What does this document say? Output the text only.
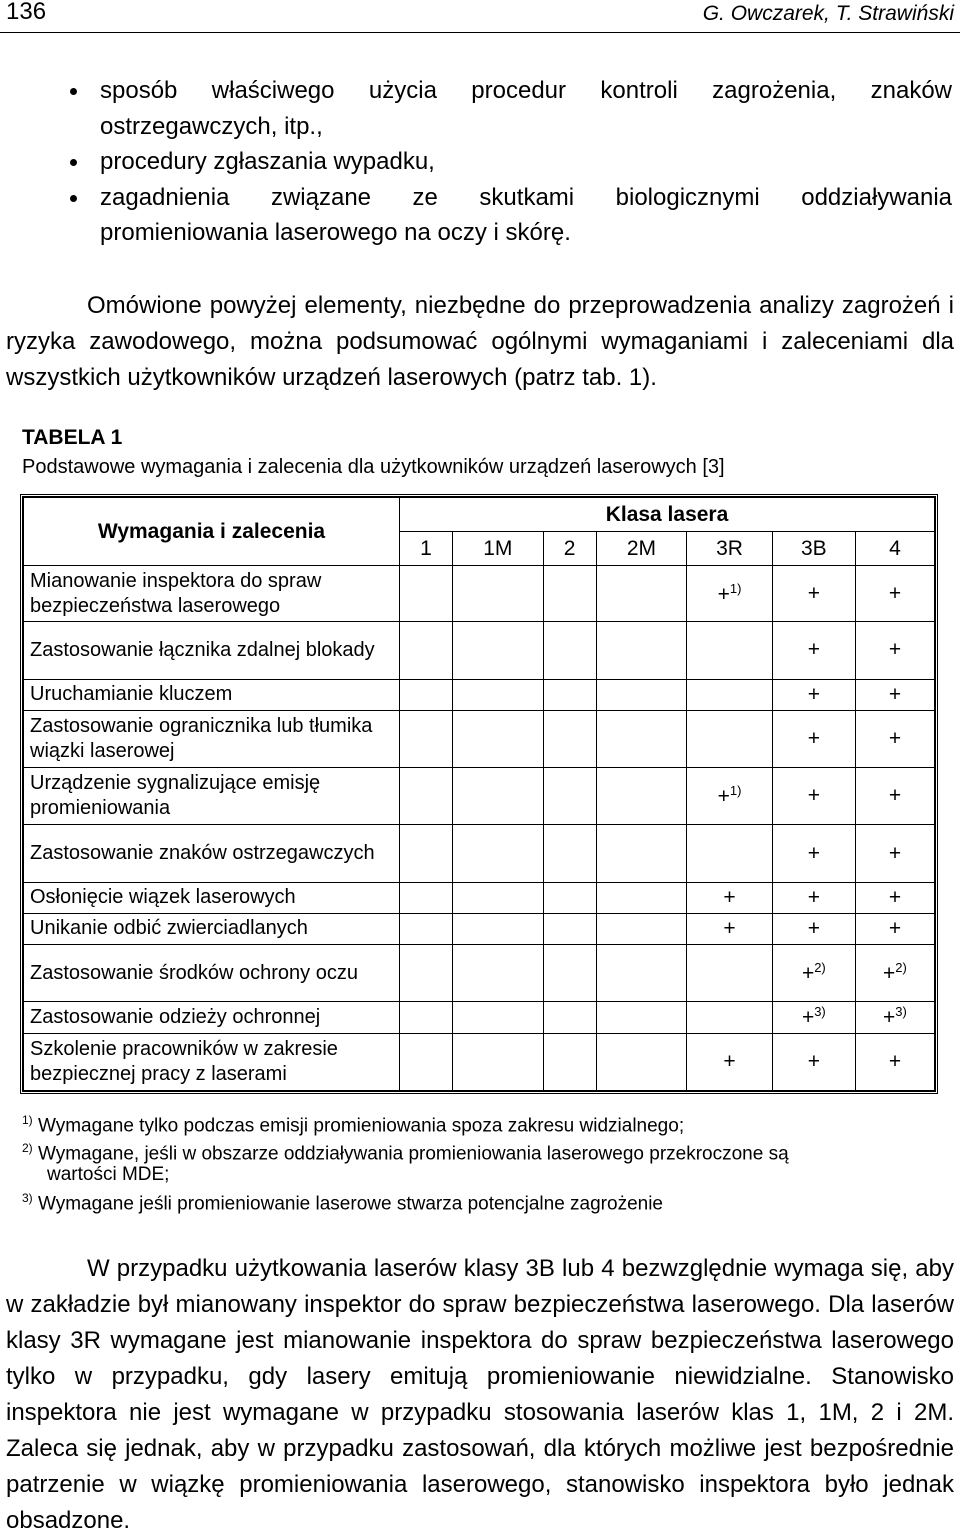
136	G. Owczarek, T. Strawiński
sposób właściwego użycia procedur kontroli zagrożenia, znaków ostrzegawczych, itp.,
procedury zgłaszania wypadku,
zagadnienia związane ze skutkami biologicznymi oddziaływania promieniowania laserowego na oczy i skórę.

Omówione powyżej elementy, niezbędne do przeprowadzenia analizy zagrożeń i ryzyka zawodowego, można podsumować ogólnymi wymaganiami i zaleceniami dla wszystkich użytkowników urządzeń laserowych (patrz tab. 1).

TABELA 1
Podstawowe wymagania i zalecenia dla użytkowników urządzeń laserowych [3]
Wymagania i zalecenia	Klasa lasera						
	1	1M	2	2M	3R	3B	4
Mianowanie inspektora do spraw bezpieczeństwa laserowego					+$^{1)}$	+	+
Zastosowanie łącznika zdalnej blokady						+	+
Uruchamianie kluczem						+	+
Zastosowanie ogranicznika lub tłumika wiązki laserowej						+	+
Urządzenie sygnalizujące emisję promieniowania					+$^{1)}$	+	+
Zastosowanie znaków ostrzegawczych						+	+
Osłonięcie wiązek laserowych					+	+	+
Unikanie odbić zwierciadlanych					+	+	+
Zastosowanie środków ochrony oczu						+$^{2)}$	+$^{2)}$
Zastosowanie odzieży ochronnej						+$^{3)}$	+$^{3)}$
Szkolenie pracowników w zakresie bezpiecznej pracy z laserami					+	+	+
$^{1)}$ Wymagane tylko podczas emisji promieniowania spoza zakresu widzialnego;
$^{2)}$ Wymagane, jeśli w obszarze oddziaływania promieniowania laserowego przekroczone są
wartości MDE;
$^{3)}$ Wymagane jeśli promieniowanie laserowe stwarza potencjalne zagrożenie

W przypadku użytkowania laserów klasy 3B lub 4 bezwzględnie wymaga się, aby w zakładzie był mianowany inspektor do spraw bezpieczeństwa laserowego. Dla laserów klasy 3R wymagane jest mianowanie inspektora do spraw bezpieczeństwa laserowego tylko w przypadku, gdy lasery emitują promieniowanie niewidzialne. Stanowisko inspektora nie jest wymagane w przypadku stosowania laserów klas 1, 1M, 2 i 2M. Zaleca się jednak, aby w przypadku zastosowań, dla których możliwe jest bezpośrednie patrzenie w wiązkę promieniowania laserowego, stanowisko inspektora było jednak obsadzone.
